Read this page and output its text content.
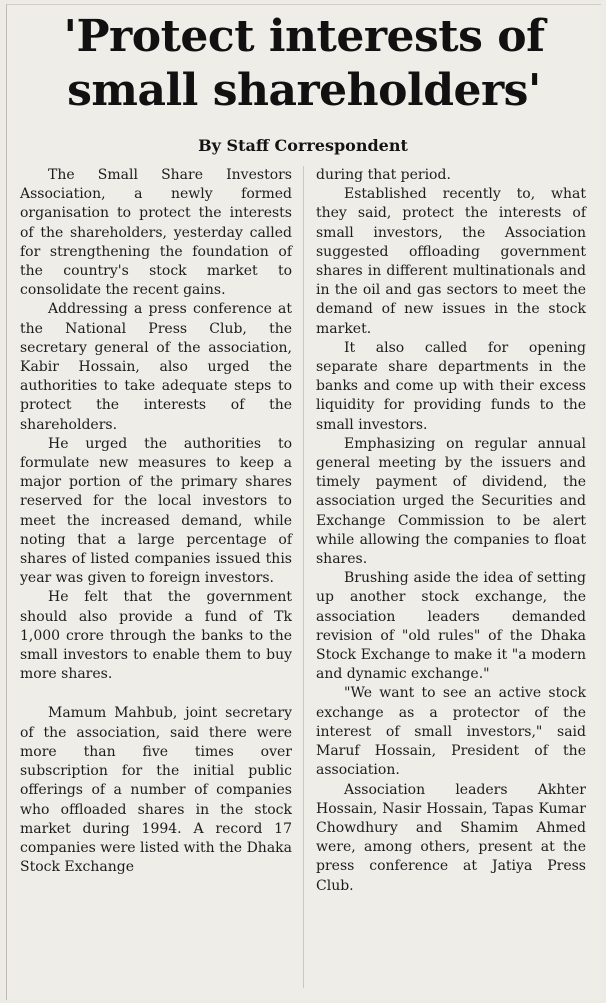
'Protect interests of
small shareholders'
By Staff Correspondent

The Small Share Investors Association, a newly formed organisation to protect the interests of the shareholders, yesterday called for strengthening the foundation of the country's stock market to consolidate the recent gains.

Addressing a press conference at the National Press Club, the secretary general of the association, Kabir Hossain, also urged the authorities to take adequate steps to protect the interests of the shareholders.

He urged the authorities to formulate new measures to keep a major portion of the primary shares reserved for the local investors to meet the increased demand, while noting that a large percentage of shares of listed companies issued this year was given to foreign investors.

He felt that the government should also provide a fund of Tk 1,000 crore through the banks to the small investors to enable them to buy more shares.

Mamum Mahbub, joint secretary of the association, said there were more than five times over subscription for the initial public offerings of a number of companies who offloaded shares in the stock market during 1994. A record 17 companies were listed with the Dhaka Stock Exchange

during that period.

Established recently to, what they said, protect the interests of small investors, the Association suggested offloading government shares in different multinationals and in the oil and gas sectors to meet the demand of new issues in the stock market.

It also called for opening separate share departments in the banks and come up with their excess liquidity for providing funds to the small investors.

Emphasizing on regular annual general meeting by the issuers and timely payment of dividend, the association urged the Securities and Exchange Commission to be alert while allowing the companies to float shares.

Brushing aside the idea of setting up another stock exchange, the association leaders demanded revision of "old rules" of the Dhaka Stock Exchange to make it "a modern and dynamic exchange."

"We want to see an active stock exchange as a protector of the interest of small investors," said Maruf Hossain, President of the association.

Association leaders Akhter Hossain, Nasir Hossain, Tapas Kumar Chowdhury and Shamim Ahmed were, among others, present at the press conference at Jatiya Press Club.
